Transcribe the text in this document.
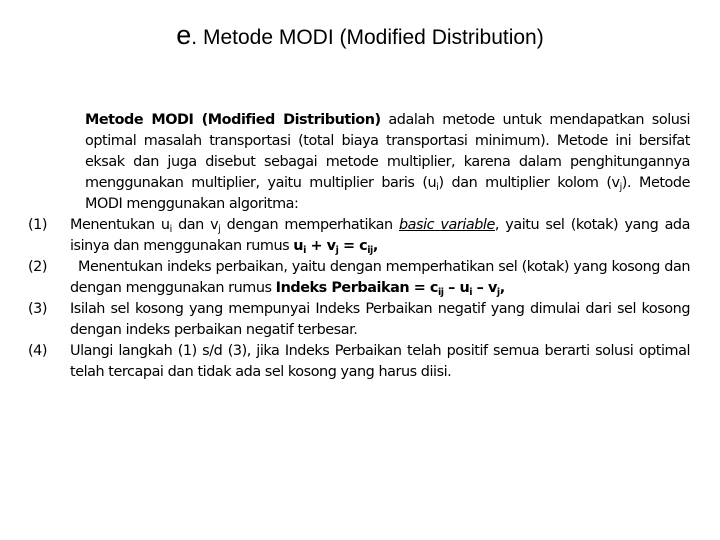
e. Metode MODI (Modified Distribution)

Metode MODI (Modified Distribution) adalah metode untuk mendapatkan solusi optimal masalah transportasi (total biaya transportasi minimum). Metode ini bersifat eksak dan juga disebut sebagai metode multiplier, karena dalam penghitungannya menggunakan multiplier, yaitu multiplier baris $(u_i)$ dan multiplier kolom $(v_j)$. Metode MODI menggunakan algoritma:

(1)	Menentukan $u_i$ dan $v_j$ dengan memperhatikan basic variable, yaitu sel (kotak) yang ada isinya dan menggunakan rumus $u_i + v_j = c_{ij}$,
(2)	Menentukan indeks perbaikan, yaitu dengan memperhatikan sel (kotak) yang kosong dan dengan menggunakan rumus Indeks Perbaikan = $c_{ij} - u_i - v_j$,
(3)	Isilah sel kosong yang mempunyai Indeks Perbaikan negatif yang dimulai dari sel kosong dengan indeks perbaikan negatif terbesar.
(4)	Ulangi langkah (1) s/d (3), jika Indeks Perbaikan telah positif semua berarti solusi optimal telah tercapai dan tidak ada sel kosong yang harus diisi.
